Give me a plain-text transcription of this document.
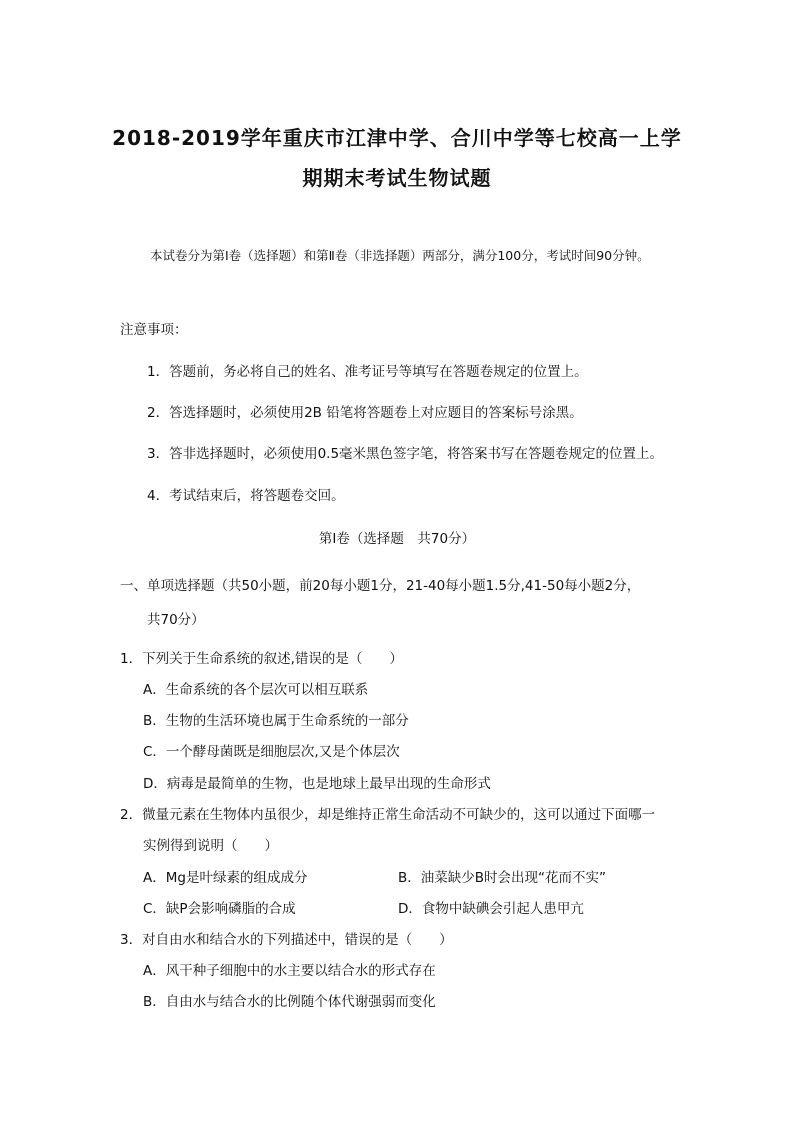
2018-2019学年重庆市江津中学、合川中学等七校高一上学
期期末考试生物试题
本试卷分为第Ⅰ卷（选择题）和第Ⅱ卷（非选择题）两部分，满分100分，考试时间90分钟。
注意事项：
1．答题前，务必将自己的姓名、准考证号等填写在答题卷规定的位置上。
2．答选择题时，必须使用2B 铅笔将答题卷上对应题目的答案标号涂黑。
3．答非选择题时，必须使用0.5毫米黑色签字笔，将答案书写在答题卷规定的位置上。
4．考试结束后，将答题卷交回。
第Ⅰ卷（选择题　共70分）
一、单项选择题（共50小题，前20每小题1分，21-40每小题1.5分,41-50每小题2分，
共70分）
1．下列关于生命系统的叙述,错误的是（　　）
A．生命系统的各个层次可以相互联系
B．生物的生活环境也属于生命系统的一部分
C．一个酵母菌既是细胞层次,又是个体层次
D．病毒是最简单的生物，也是地球上最早出现的生命形式
2．微量元素在生物体内虽很少，却是维持正常生命活动不可缺少的，这可以通过下面哪一
实例得到说明（　　）
A．Mg是叶绿素的组成成分	B．油菜缺少B时会出现“花而不实”
C．缺P会影响磷脂的合成	D．食物中缺碘会引起人患甲亢
3．对自由水和结合水的下列描述中，错误的是（　　）
A．风干种子细胞中的水主要以结合水的形式存在
B．自由水与结合水的比例随个体代谢强弱而变化
